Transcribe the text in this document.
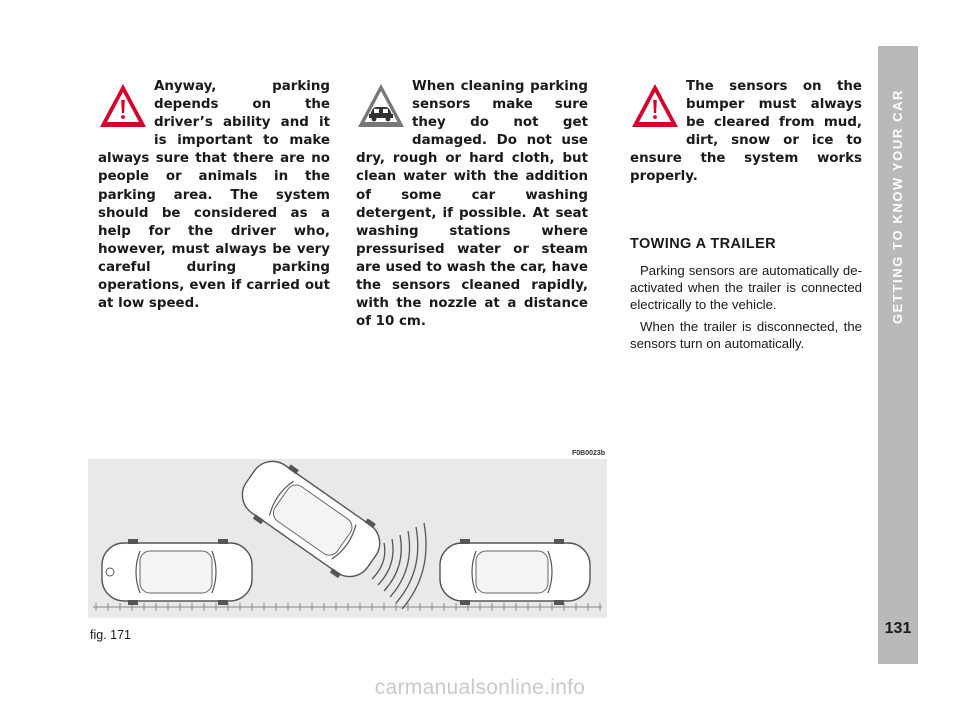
Anyway, parking depends on the driver’s ability and it is important to make always sure that there are no people or animals in the parking area. The system should be considered as a help for the driver who, however, must always be very careful during parking operations, even if carried out at low speed.

When cleaning parking sensors make sure they do not get damaged. Do not use dry, rough or hard cloth, but clean water with the addition of some car washing detergent, if possible. At seat washing stations where pressurised water or steam are used to wash the car, have the sensors cleaned rapidly, with the nozzle at a distance of 10 cm.

The sensors on the bumper must always be cleared from mud, dirt, snow or ice to ensure the system works properly.

TOWING A TRAILER

Parking sensors are automatically de-activated when the trailer is connected electrically to the vehicle.

When the trailer is disconnected, the sensors turn on automatically.

F0B0023b
fig. 171
GETTING TO KNOW YOUR CAR
131
carmanualsonline.info
